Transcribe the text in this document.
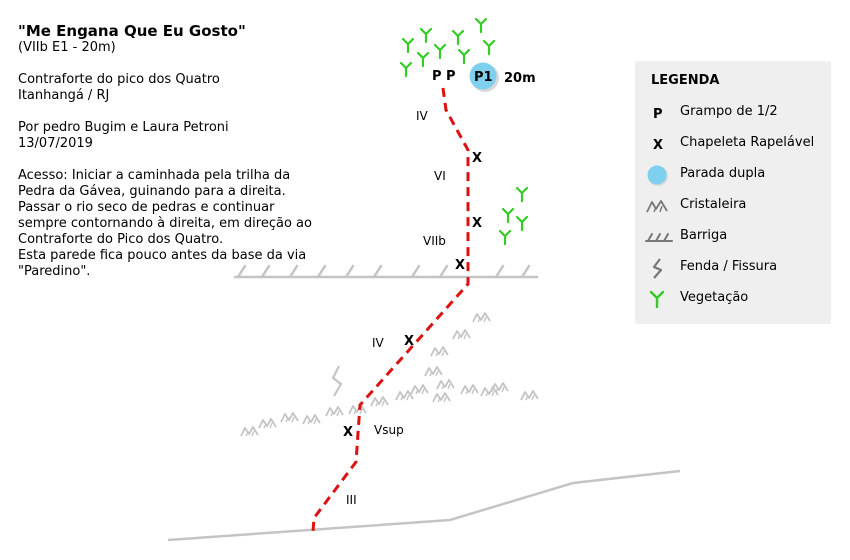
"Me Engana Que Eu Gosto"
(VIIb E1 - 20m)
Contraforte do pico dos Quatro
Itanhangá / RJ
Por pedro Bugim e Laura Petroni
13/07/2019
Acesso: Iniciar a caminhada pela trilha da
Pedra da Gávea, guinando para a direita.
Passar o rio seco de pedras e continuar
sempre contornando à direita, em direção ao
Contraforte do Pico dos Quatro.
Esta parede fica pouco antes da base da via
"Paredino".
X
X
X
X
X
P P P1 20m
IV
VI
VIIb
IV
Vsup
III
LEGENDA
P Grampo de 1/2
X Chapeleta Rapelável
Parada dupla
Cristaleira
Barriga
Fenda / Fissura
Vegetação
